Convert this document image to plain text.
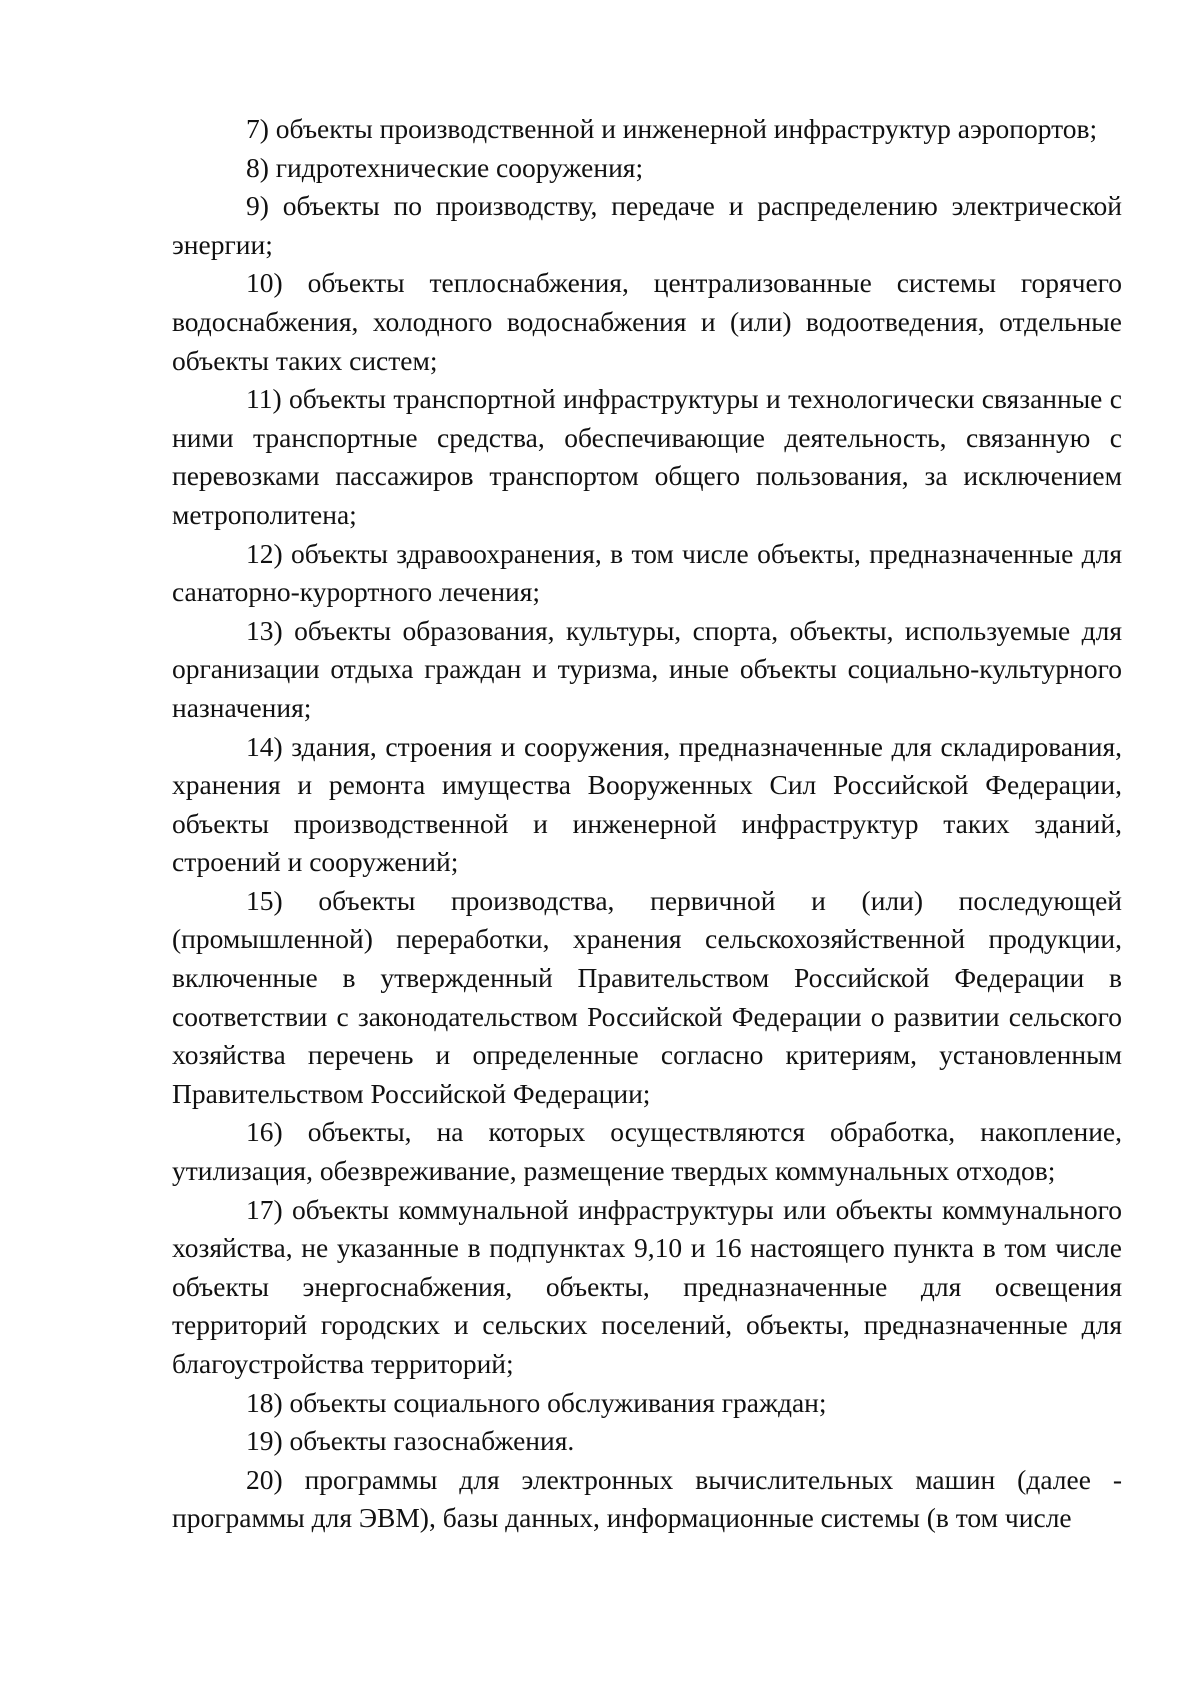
7) объекты производственной и инженерной инфраструктур аэропортов;

8) гидротехнические сооружения;

9) объекты по производству, передаче и распределению электрической энергии;

10) объекты теплоснабжения, централизованные системы горячего водоснабжения, холодного водоснабжения и (или) водоотведения, отдельные объекты таких систем;

11) объекты транспортной инфраструктуры и технологически связанные с ними транспортные средства, обеспечивающие деятельность, связанную с перевозками пассажиров транспортом общего пользования, за исключением метрополитена;

12) объекты здравоохранения, в том числе объекты, предназначенные для санаторно-курортного лечения;

13) объекты образования, культуры, спорта, объекты, используемые для организации отдыха граждан и туризма, иные объекты социально-культурного назначения;

14) здания, строения и сооружения, предназначенные для складирования, хранения и ремонта имущества Вооруженных Сил Российской Федерации, объекты производственной и инженерной инфраструктур таких зданий, строений и сооружений;

15) объекты производства, первичной и (или) последующей (промышленной) переработки, хранения сельскохозяйственной продукции, включенные в утвержденный Правительством Российской Федерации в соответствии с законодательством Российской Федерации о развитии сельского хозяйства перечень и определенные согласно критериям, установленным Правительством Российской Федерации;

16) объекты, на которых осуществляются обработка, накопление, утилизация, обезвреживание, размещение твердых коммунальных отходов;

17) объекты коммунальной инфраструктуры или объекты коммунального хозяйства, не указанные в подпунктах 9,10 и 16 настоящего пункта в том числе объекты энергоснабжения, объекты, предназначенные для освещения территорий городских и сельских поселений, объекты, предназначенные для благоустройства территорий;

18) объекты социального обслуживания граждан;

19) объекты газоснабжения.

20) программы для электронных вычислительных машин (далее - программы для ЭВМ), базы данных, информационные системы (в том числе
